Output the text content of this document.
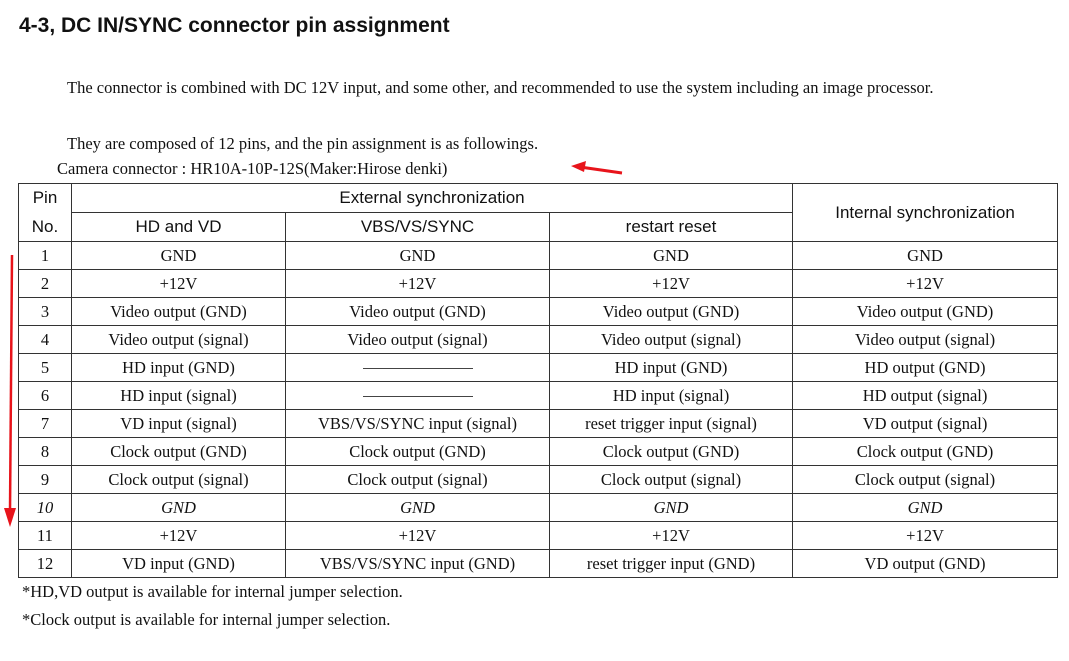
4-3, DC IN/SYNC connector pin assignment
The connector is combined with DC 12V input, and some other, and recommended to use the system including an image processor.
They are composed of 12 pins, and the pin assignment is as followings.
Camera connector : HR10A-10P-12S(Maker:Hirose denki)
Pin	External synchronization			Internal synchronization
No.	HD and VD	VBS/VS/SYNC	restart reset	
1	GND	GND	GND	GND
2	+12V	+12V	+12V	+12V
3	Video output (GND)	Video output (GND)	Video output (GND)	Video output (GND)
4	Video output (signal)	Video output (signal)	Video output (signal)	Video output (signal)
5	HD input (GND)		HD input (GND)	HD output (GND)
6	HD input (signal)		HD input (signal)	HD output (signal)
7	VD input (signal)	VBS/VS/SYNC input (signal)	reset trigger input (signal)	VD output (signal)
8	Clock output (GND)	Clock output (GND)	Clock output (GND)	Clock output (GND)
9	Clock output (signal)	Clock output (signal)	Clock output (signal)	Clock output (signal)
10	GND	GND	GND	GND
11	+12V	+12V	+12V	+12V
12	VD input (GND)	VBS/VS/SYNC input (GND)	reset trigger input (GND)	VD output (GND)
*HD,VD output is available for internal jumper selection.
*Clock output is available for internal jumper selection.
